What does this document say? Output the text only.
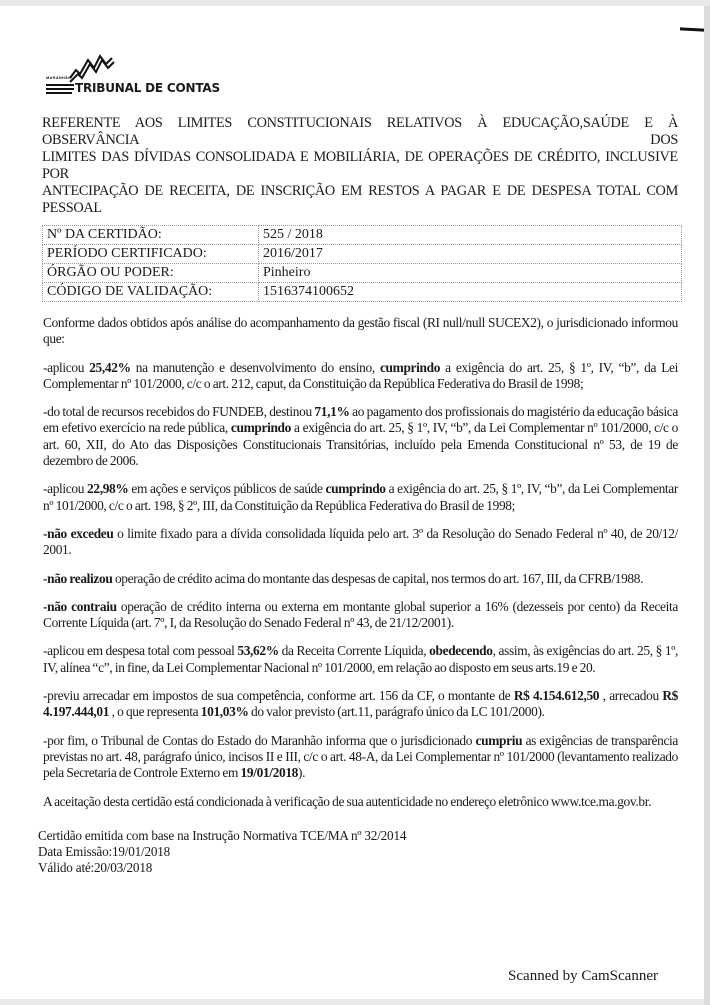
MARANHÃO
TRIBUNAL DE CONTAS
REFERENTE AOS LIMITES CONSTITUCIONAIS RELATIVOS À EDUCAÇÃO,SAÚDE E À OBSERVÂNCIA DOS
LIMITES DAS DÍVIDAS CONSOLIDADA E MOBILIÁRIA, DE OPERAÇÕES DE CRÉDITO, INCLUSIVE POR
ANTECIPAÇÃO DE RECEITA, DE INSCRIÇÃO EM RESTOS A PAGAR E DE DESPESA TOTAL COM PESSOAL
Nº DA CERTIDÃO:	525 / 2018
PERÍODO CERTIFICADO:	2016/2017
ÓRGÃO OU PODER:	Pinheiro
CÓDIGO DE VALIDAÇÃO:	1516374100652

Conforme dados obtidos após análise do acompanhamento da gestão fiscal (RI null/null SUCEX2), o jurisdicionado informou que:

-aplicou 25,42% na manutenção e desenvolvimento do ensino, cumprindo a exigência do art. 25, § 1º, IV, “b”, da Lei Complementar nº 101/2000, c/c o art. 212, caput, da Constituição da República Federativa do Brasil de 1998;

-do total de recursos recebidos do FUNDEB, destinou 71,1% ao pagamento dos profissionais do magistério da educação básica em efetivo exercício na rede pública, cumprindo a exigência do art. 25, § 1º, IV, “b”, da Lei Complementar nº 101/2000, c/c o art. 60, XII, do Ato das Disposições Constitucionais Transitórias, incluído pela Emenda Constitucional nº 53, de 19 de dezembro de 2006.

-aplicou 22,98% em ações e serviços públicos de saúde cumprindo a exigência do art. 25, § 1º, IV, “b”, da Lei Complementar nº 101/2000, c/c o art. 198, § 2º, III, da Constituição da República Federativa do Brasil de 1998;

-não excedeu o limite fixado para a dívida consolidada líquida pelo art. 3º da Resolução do Senado Federal nº 40, de 20/12/ 2001.

-não realizou operação de crédito acima do montante das despesas de capital, nos termos do art. 167, III, da CFRB/1988.

-não contraiu operação de crédito interna ou externa em montante global superior a 16% (dezesseis por cento) da Receita Corrente Líquida (art. 7º, I, da Resolução do Senado Federal nº 43, de 21/12/2001).

-aplicou em despesa total com pessoal 53,62% da Receita Corrente Líquida, obedecendo, assim, às exigências do art. 25, § 1º, IV, alínea “c”, in fine, da Lei Complementar Nacional nº 101/2000, em relação ao disposto em seus arts.19 e 20.

-previu arrecadar em impostos de sua competência, conforme art. 156 da CF, o montante de R$ 4.154.612,50 , arrecadou R$ 4.197.444,01 , o que representa 101,03% do valor previsto (art.11, parágrafo único da LC 101/2000).

-por fim, o Tribunal de Contas do Estado do Maranhão informa que o jurisdicionado cumpriu as exigências de transparência previstas no art. 48, parágrafo único, incisos II e III, c/c o art. 48-A, da Lei Complementar nº 101/2000 (levantamento realizado pela Secretaria de Controle Externo em 19/01/2018).

A aceitação desta certidão está condicionada à verificação de sua autenticidade no endereço eletrônico www.tce.ma.gov.br.

Certidão emitida com base na Instrução Normativa TCE/MA nº 32/2014
Data Emissão:19/01/2018
Válido até:20/03/2018
Scanned by CamScanner
